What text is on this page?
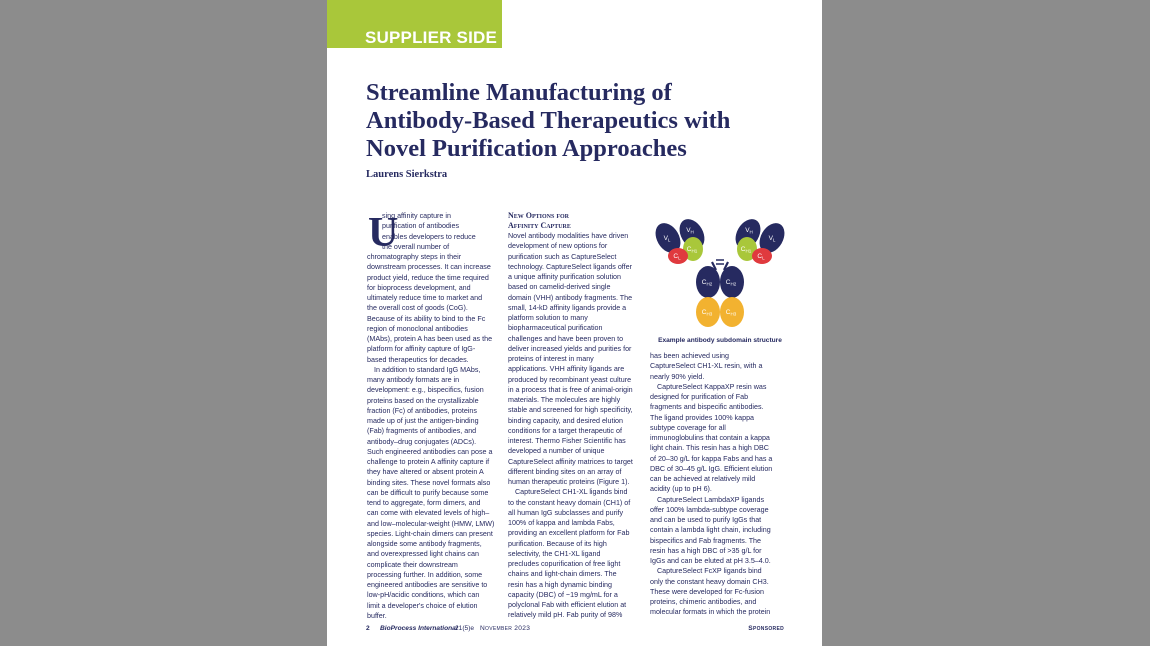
SUPPLIER SIDE
Streamline Manufacturing of
Antibody-Based Therapeutics with
Novel Purification Approaches
Laurens Sierkstra
U
sing affinity capture in
purification of antibodies
enables developers to reduce
the overall number of
chromatography steps in their
downstream processes. It can increase
product yield, reduce the time required
for bioprocess development, and
ultimately reduce time to market and
the overall cost of goods (CoG).
Because of its ability to bind to the Fc
region of monoclonal antibodies
(MAbs), protein A has been used as the
platform for affinity capture of IgG-
based therapeutics for decades.
In addition to standard IgG MAbs,
many antibody formats are in
development: e.g., bispecifics, fusion
proteins based on the crystallizable
fraction (Fc) of antibodies, proteins
made up of just the antigen-binding
(Fab) fragments of antibodies, and
antibody–drug conjugates (ADCs).
Such engineered antibodies can pose a
challenge to protein A affinity capture if
they have altered or absent protein A
binding sites. These novel formats also
can be difficult to purify because some
tend to aggregate, form dimers, and
can come with elevated levels of high–
and low–molecular-weight (HMW, LMW)
species. Light-chain dimers can present
alongside some antibody fragments,
and overexpressed light chains can
complicate their downstream
processing further. In addition, some
engineered antibodies are sensitive to
low-pH/acidic conditions, which can
limit a developer's choice of elution
buffer.
New Options for
Affinity Capture
Novel antibody modalities have driven
development of new options for
purification such as CaptureSelect
technology. CaptureSelect ligands offer
a unique affinity purification solution
based on camelid-derived single
domain (VHH) antibody fragments. The
small, 14-kD affinity ligands provide a
platform solution to many
biopharmaceutical purification
challenges and have been proven to
deliver increased yields and purities for
proteins of interest in many
applications. VHH affinity ligands are
produced by recombinant yeast culture
in a process that is free of animal-origin
materials. The molecules are highly
stable and screened for high specificity,
binding capacity, and desired elution
conditions for a target therapeutic of
interest. Thermo Fisher Scientific has
developed a number of unique
CaptureSelect affinity matrices to target
different binding sites on an array of
human therapeutic proteins (Figure 1).
CaptureSelect CH1-XL ligands bind
to the constant heavy domain (CH1) of
all human IgG subclasses and purify
100% of kappa and lambda Fabs,
providing an excellent platform for Fab
purification. Because of its high
selectivity, the CH1-XL ligand
precludes copurification of free light
chains and light-chain dimers. The
resin has a high dynamic binding
capacity (DBC) of ~19 mg/mL for a
polyclonal Fab with efficient elution at
relatively mild pH. Fab purity of 98%
$V_H$
$V_L$
$C_{H1}$
$C_L$
$V_H$
$V_L$
$C_{H1}$
$C_L$
$C_{H2}$ $C_{H2}$
$C_{H3}$ $C_{H3}$
Example antibody subdomain structure
has been achieved using
CaptureSelect CH1-XL resin, with a
nearly 90% yield.
CaptureSelect KappaXP resin was
designed for purification of Fab
fragments and bispecific antibodies.
The ligand provides 100% kappa
subtype coverage for all
immunoglobulins that contain a kappa
light chain. This resin has a high DBC
of 20–30 g/L for kappa Fabs and has a
DBC of 30–45 g/L IgG. Efficient elution
can be achieved at relatively mild
acidity (up to pH 6).
CaptureSelect LambdaXP ligands
offer 100% lambda-subtype coverage
and can be used to purify IgGs that
contain a lambda light chain, including
bispecifics and Fab fragments. The
resin has a high DBC of >35 g/L for
IgGs and can be eluted at pH 3.5–4.0.
CaptureSelect FcXP ligands bind
only the constant heavy domain CH3.
These were developed for Fc-fusion
proteins, chimeric antibodies, and
molecular formats in which the protein
2 BioProcess International
21(5)e November 2023	Sponsored
